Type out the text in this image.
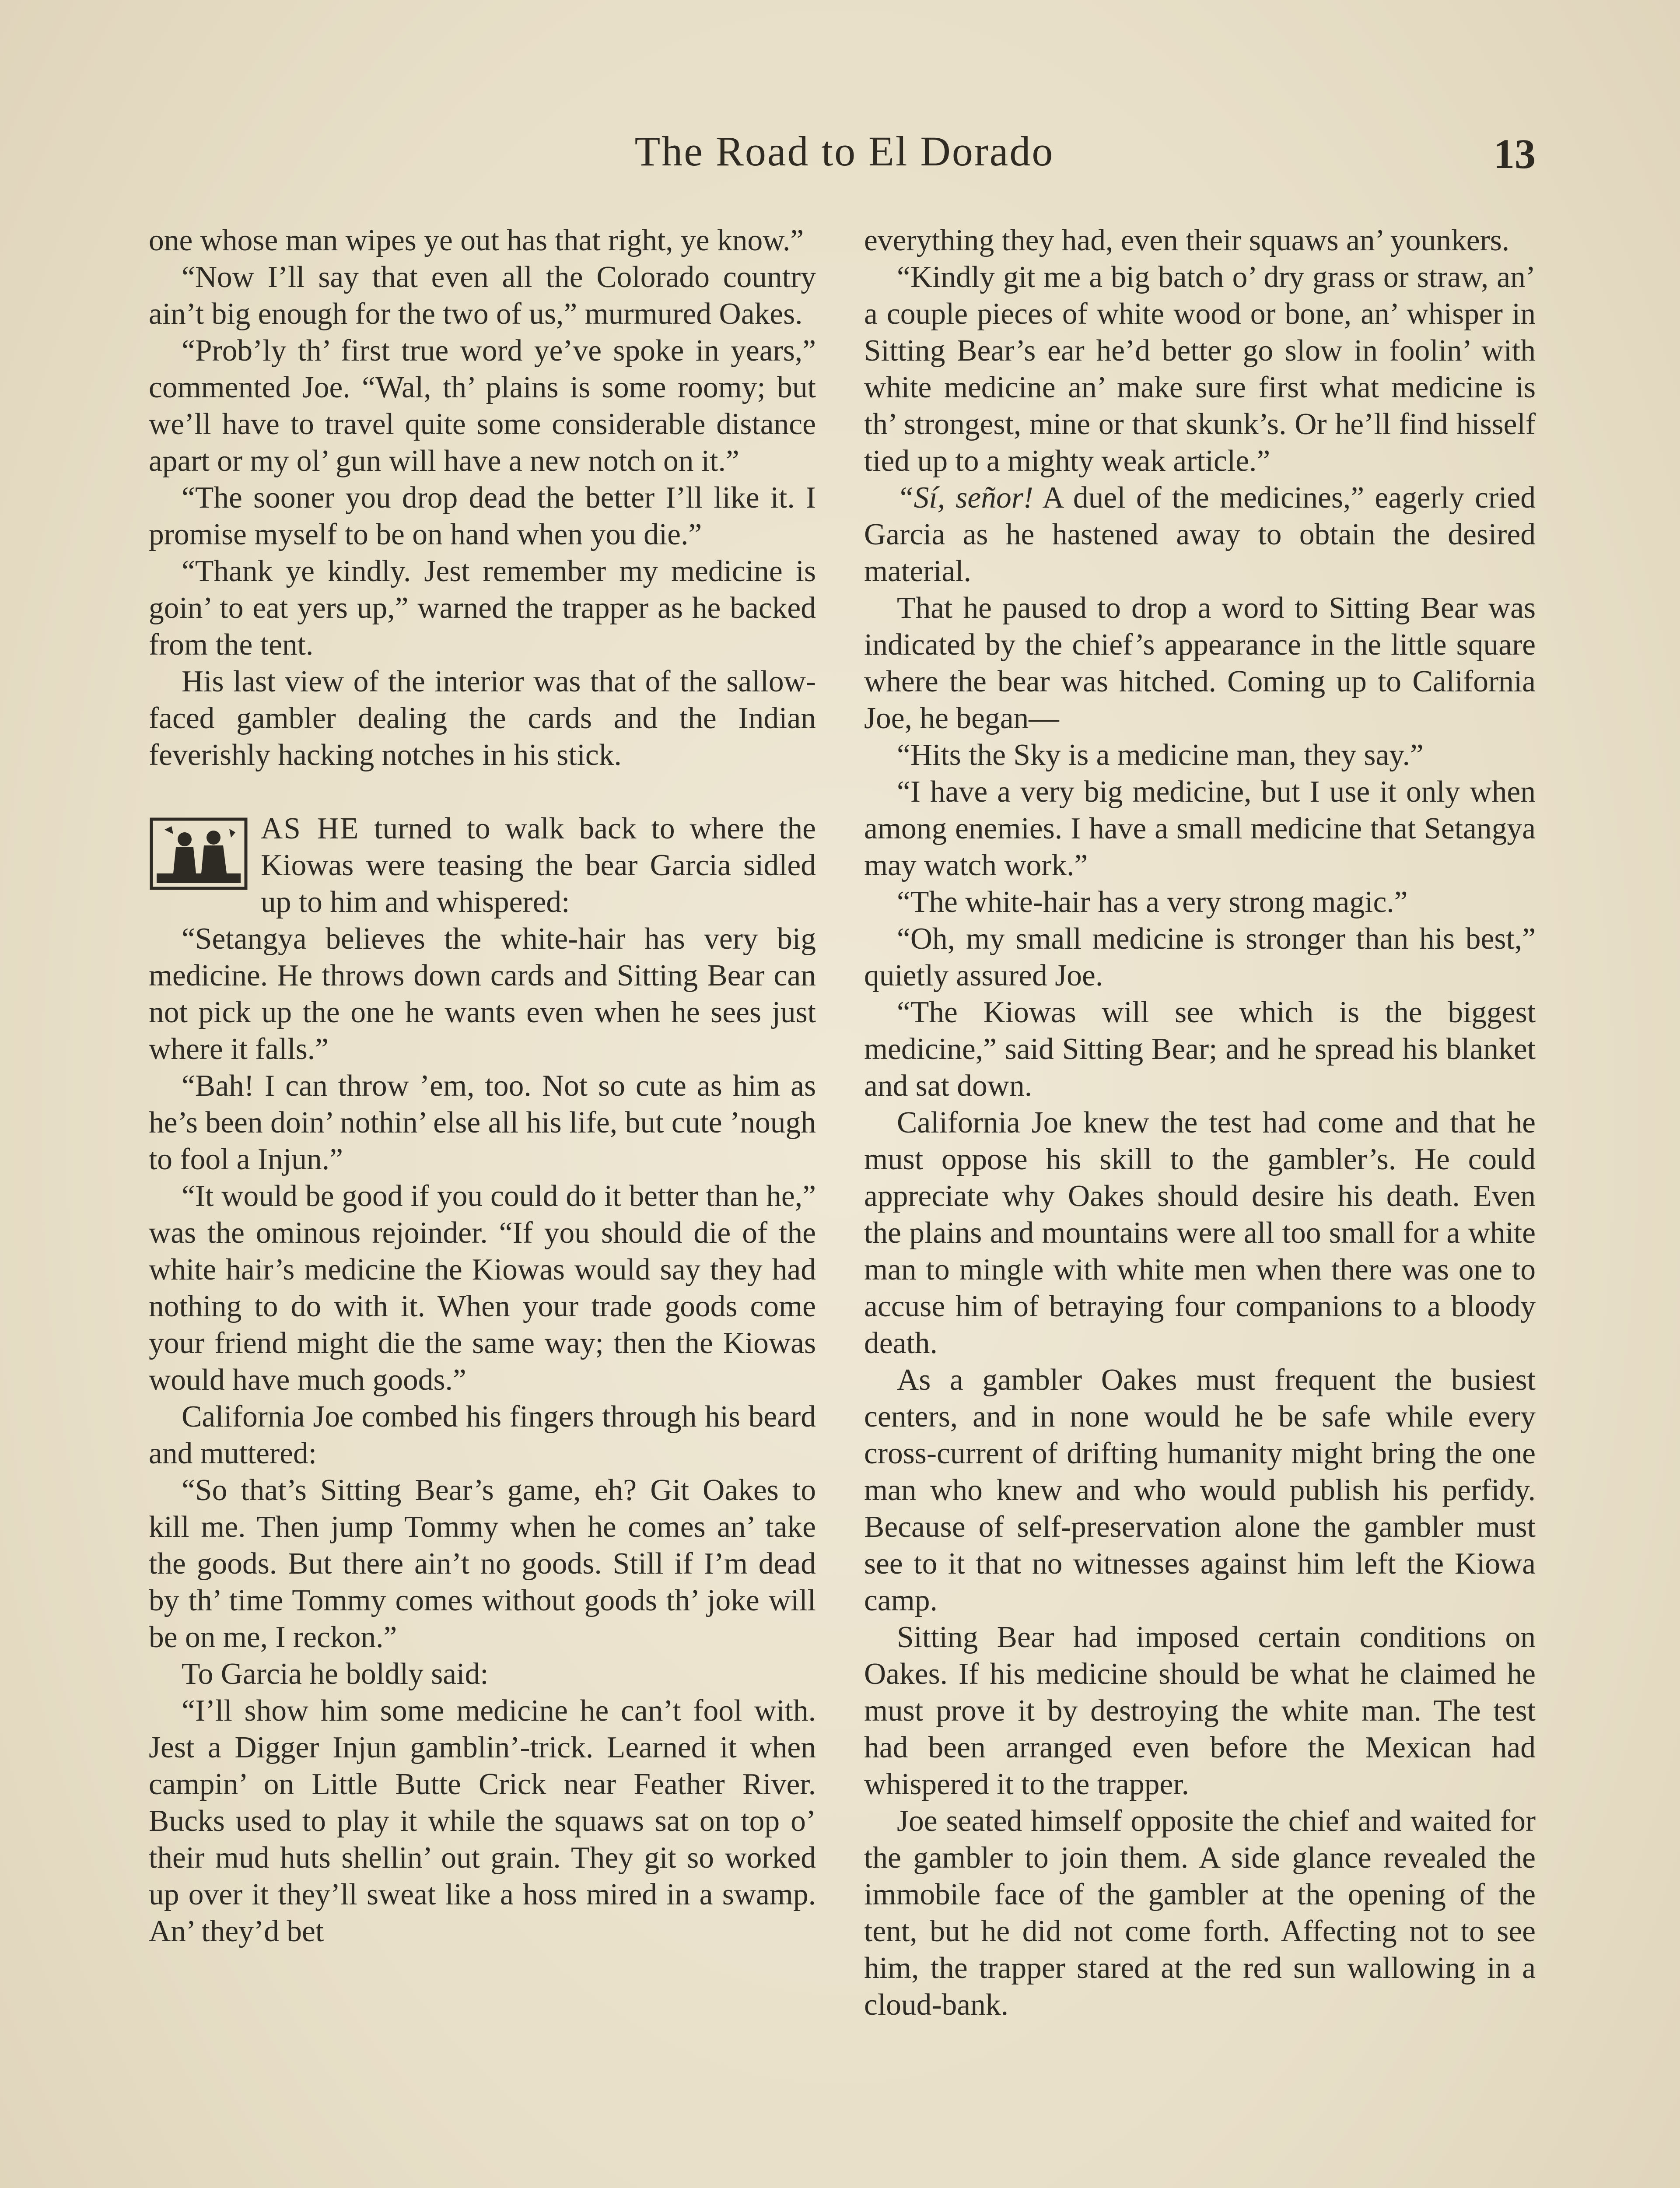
The Road to El Dorado	13

one whose man wipes ye out has that right, ye know.”

“Now I’ll say that even all the Colorado country ain’t big enough for the two of us,” murmured Oakes.

“Prob’ly th’ first true word ye’ve spoke in years,” commented Joe. “Wal, th’ plains is some roomy; but we’ll have to travel quite some considerable distance apart or my ol’ gun will have a new notch on it.”

“The sooner you drop dead the better I’ll like it. I promise myself to be on hand when you die.”

“Thank ye kindly. Jest remember my medicine is goin’ to eat yers up,” warned the trapper as he backed from the tent.

His last view of the interior was that of the sallow-faced gambler dealing the cards and the Indian feverishly hacking notches in his stick.

AS HE turned to walk back to where the Kiowas were teasing the bear Garcia sidled up to him and whispered:

“Setangya believes the white-hair has very big medicine. He throws down cards and Sitting Bear can not pick up the one he wants even when he sees just where it falls.”

“Bah! I can throw ’em, too. Not so cute as him as he’s been doin’ nothin’ else all his life, but cute ’nough to fool a Injun.”

“It would be good if you could do it better than he,” was the ominous rejoinder. “If you should die of the white hair’s medicine the Kiowas would say they had nothing to do with it. When your trade goods come your friend might die the same way; then the Kiowas would have much goods.”

California Joe combed his fingers through his beard and muttered:

“So that’s Sitting Bear’s game, eh? Git Oakes to kill me. Then jump Tommy when he comes an’ take the goods. But there ain’t no goods. Still if I’m dead by th’ time Tommy comes without goods th’ joke will be on me, I reckon.”

To Garcia he boldly said:

“I’ll show him some medicine he can’t fool with. Jest a Digger Injun gamblin’-trick. Learned it when campin’ on Little Butte Crick near Feather River. Bucks used to play it while the squaws sat on top o’ their mud huts shellin’ out grain. They git so worked up over it they’ll sweat like a hoss mired in a swamp. An’ they’d bet

everything they had, even their squaws an’ younkers.

“Kindly git me a big batch o’ dry grass or straw, an’ a couple pieces of white wood or bone, an’ whisper in Sitting Bear’s ear he’d better go slow in foolin’ with white medicine an’ make sure first what medicine is th’ strongest, mine or that skunk’s. Or he’ll find hisself tied up to a mighty weak article.”

“Sí, señor! A duel of the medicines,” eagerly cried Garcia as he hastened away to obtain the desired material.

That he paused to drop a word to Sitting Bear was indicated by the chief’s appearance in the little square where the bear was hitched. Coming up to California Joe, he began—

“Hits the Sky is a medicine man, they say.”

“I have a very big medicine, but I use it only when among enemies. I have a small medicine that Setangya may watch work.”

“The white-hair has a very strong magic.”

“Oh, my small medicine is stronger than his best,” quietly assured Joe.

“The Kiowas will see which is the biggest medicine,” said Sitting Bear; and he spread his blanket and sat down.

California Joe knew the test had come and that he must oppose his skill to the gambler’s. He could appreciate why Oakes should desire his death. Even the plains and mountains were all too small for a white man to mingle with white men when there was one to accuse him of betraying four companions to a bloody death.

As a gambler Oakes must frequent the busiest centers, and in none would he be safe while every cross-current of drifting humanity might bring the one man who knew and who would publish his perfidy. Because of self-preservation alone the gambler must see to it that no witnesses against him left the Kiowa camp.

Sitting Bear had imposed certain conditions on Oakes. If his medicine should be what he claimed he must prove it by destroying the white man. The test had been arranged even before the Mexican had whispered it to the trapper.

Joe seated himself opposite the chief and waited for the gambler to join them. A side glance revealed the immobile face of the gambler at the opening of the tent, but he did not come forth. Affecting not to see him, the trapper stared at the red sun wallowing in a cloud-bank.
